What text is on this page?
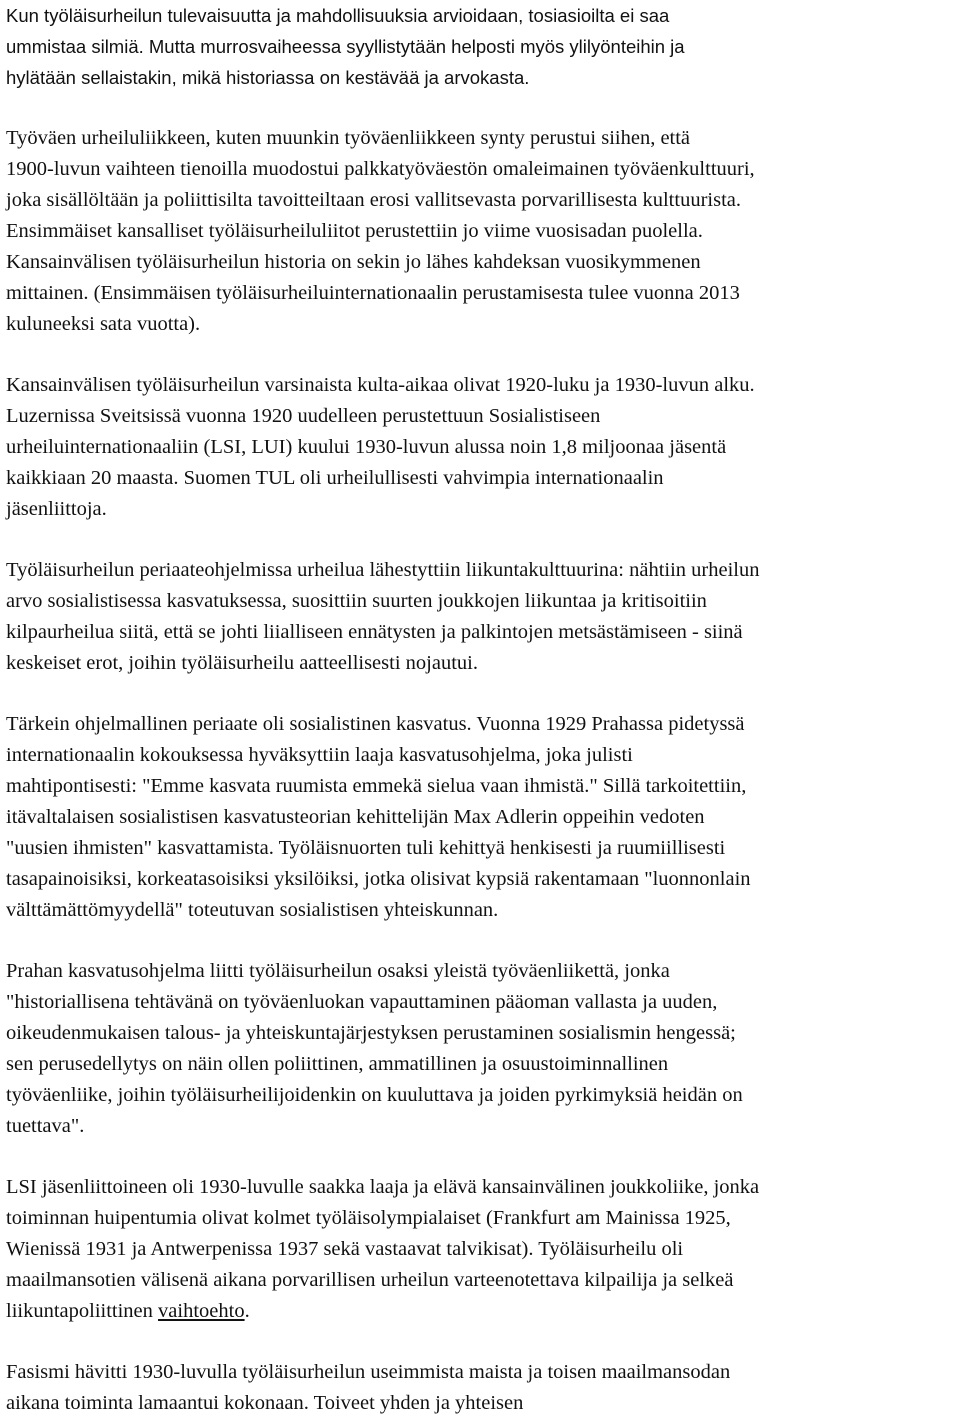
Kun työläisurheilun tulevaisuutta ja mahdollisuuksia arvioidaan, tosiasioilta ei saa
ummistaa silmiä. Mutta murrosvaiheessa syyllistytään helposti myös ylilyönteihin ja
hylätään sellaistakin, mikä historiassa on kestävää ja arvokasta.

Työväen urheiluliikkeen, kuten muunkin työväenliikkeen synty perustui siihen, että
1900-luvun vaihteen tienoilla muodostui palkkatyöväestön omaleimainen työväenkulttuuri,
joka sisällöltään ja poliittisilta tavoitteiltaan erosi vallitsevasta porvarillisesta kulttuurista.
Ensimmäiset kansalliset työläisurheiluliitot perustettiin jo viime vuosisadan puolella.
Kansainvälisen työläisurheilun historia on sekin jo lähes kahdeksan vuosikymmenen
mittainen. (Ensimmäisen työläisurheiluinternationaalin perustamisesta tulee vuonna 2013
kuluneeksi sata vuotta).

Kansainvälisen työläisurheilun varsinaista kulta-aikaa olivat 1920-luku ja 1930-luvun alku.
Luzernissa Sveitsissä vuonna 1920 uudelleen perustettuun Sosialistiseen
urheiluinternationaaliin (LSI, LUI) kuului 1930-luvun alussa noin 1,8 miljoonaa jäsentä
kaikkiaan 20 maasta. Suomen TUL oli urheilullisesti vahvimpia internationaalin
jäsenliittoja.

Työläisurheilun periaateohjelmissa urheilua lähestyttiin liikuntakulttuurina: nähtiin urheilun
arvo sosialistisessa kasvatuksessa, suosittiin suurten joukkojen liikuntaa ja kritisoitiin
kilpaurheilua siitä, että se johti liialliseen ennätysten ja palkintojen metsästämiseen - siinä
keskeiset erot, joihin työläisurheilu aatteellisesti nojautui.

Tärkein ohjelmallinen periaate oli sosialistinen kasvatus. Vuonna 1929 Prahassa pidetyssä
internationaalin kokouksessa hyväksyttiin laaja kasvatusohjelma, joka julisti
mahtipontisesti: "Emme kasvata ruumista emmekä sielua vaan ihmistä." Sillä tarkoitettiin,
itävaltalaisen sosialistisen kasvatusteorian kehittelijän Max Adlerin oppeihin vedoten
"uusien ihmisten" kasvattamista. Työläisnuorten tuli kehittyä henkisesti ja ruumiillisesti
tasapainoisiksi, korkeatasoisiksi yksilöiksi, jotka olisivat kypsiä rakentamaan "luonnonlain
välttämättömyydellä" toteutuvan sosialistisen yhteiskunnan.

Prahan kasvatusohjelma liitti työläisurheilun osaksi yleistä työväenliikettä, jonka
"historiallisena tehtävänä on työväenluokan vapauttaminen pääoman vallasta ja uuden,
oikeudenmukaisen talous- ja yhteiskuntajärjestyksen perustaminen sosialismin hengessä;
sen perusedellytys on näin ollen poliittinen, ammatillinen ja osuustoiminnallinen
työväenliike, joihin työläisurheilijoidenkin on kuuluttava ja joiden pyrkimyksiä heidän on
tuettava".

LSI jäsenliittoineen oli 1930-luvulle saakka laaja ja elävä kansainvälinen joukkoliike, jonka
toiminnan huipentumia olivat kolmet työläisolympialaiset (Frankfurt am Mainissa 1925,
Wienissä 1931 ja Antwerpenissa 1937 sekä vastaavat talvikisat). Työläisurheilu oli
maailmansotien välisenä aikana porvarillisen urheilun varteenotettava kilpailija ja selkeä
liikuntapoliittinen vaihtoehto.

Fasismi hävitti 1930-luvulla työläisurheilun useimmista maista ja toisen maailmansodan
aikana toiminta lamaantui kokonaan. Toiveet yhden ja yhteisen
